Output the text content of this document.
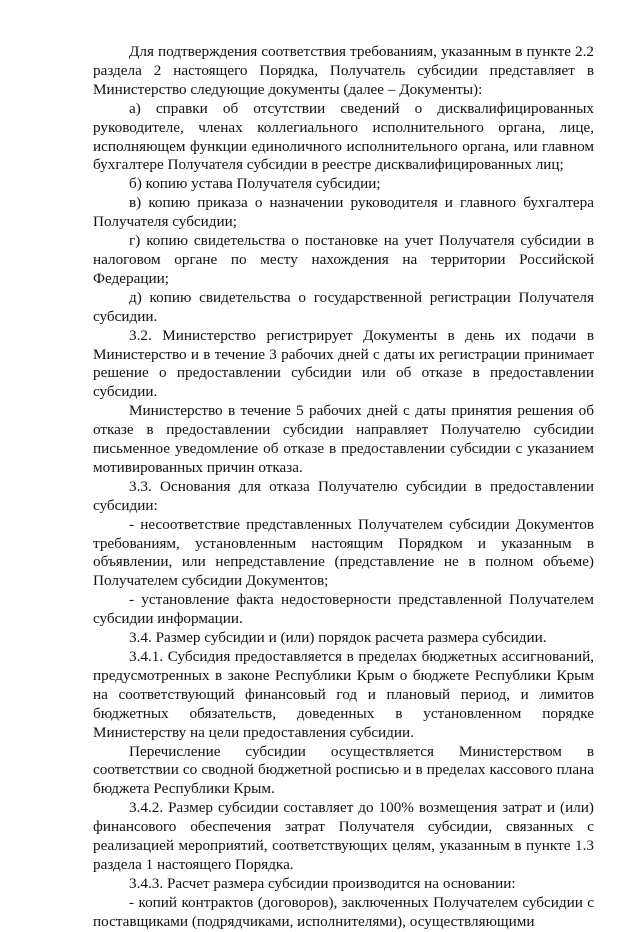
Для подтверждения соответствия требованиям, указанным в пункте 2.2 раздела 2 настоящего Порядка, Получатель субсидии представляет в Министерство следующие документы (далее – Документы):

а) справки об отсутствии сведений о дисквалифицированных руководителе, членах коллегиального исполнительного органа, лице, исполняющем функции единоличного исполнительного органа, или главном бухгалтере Получателя субсидии в реестре дисквалифицированных лиц;

б) копию устава Получателя субсидии;

в) копию приказа о назначении руководителя и главного бухгалтера Получателя субсидии;

г) копию свидетельства о постановке на учет Получателя субсидии в налоговом органе по месту нахождения на территории Российской Федерации;

д) копию свидетельства о государственной регистрации Получателя субсидии.

3.2. Министерство регистрирует Документы в день их подачи в Министерство и в течение 3 рабочих дней с даты их регистрации принимает решение о предоставлении субсидии или об отказе в предоставлении субсидии.

Министерство в течение 5 рабочих дней с даты принятия решения об отказе в предоставлении субсидии направляет Получателю субсидии письменное уведомление об отказе в предоставлении субсидии с указанием мотивированных причин отказа.

3.3. Основания для отказа Получателю субсидии в предоставлении субсидии:

- несоответствие представленных Получателем субсидии Документов требованиям, установленным настоящим Порядком и указанным в объявлении, или непредставление (представление не в полном объеме) Получателем субсидии Документов;

- установление факта недостоверности представленной Получателем субсидии информации.

3.4. Размер субсидии и (или) порядок расчета размера субсидии.

3.4.1. Субсидия предоставляется в пределах бюджетных ассигнований, предусмотренных в законе Республики Крым о бюджете Республики Крым на соответствующий финансовый год и плановый период, и лимитов бюджетных обязательств, доведенных в установленном порядке Министерству на цели предоставления субсидии.

Перечисление субсидии осуществляется Министерством в соответствии со сводной бюджетной росписью и в пределах кассового плана бюджета Республики Крым.

3.4.2. Размер субсидии составляет до 100% возмещения затрат и (или) финансового обеспечения затрат Получателя субсидии, связанных с реализацией мероприятий, соответствующих целям, указанным в пункте 1.3 раздела 1 настоящего Порядка.

3.4.3. Расчет размера субсидии производится на основании:

- копий контрактов (договоров), заключенных Получателем субсидии с поставщиками (подрядчиками, исполнителями), осуществляющими
